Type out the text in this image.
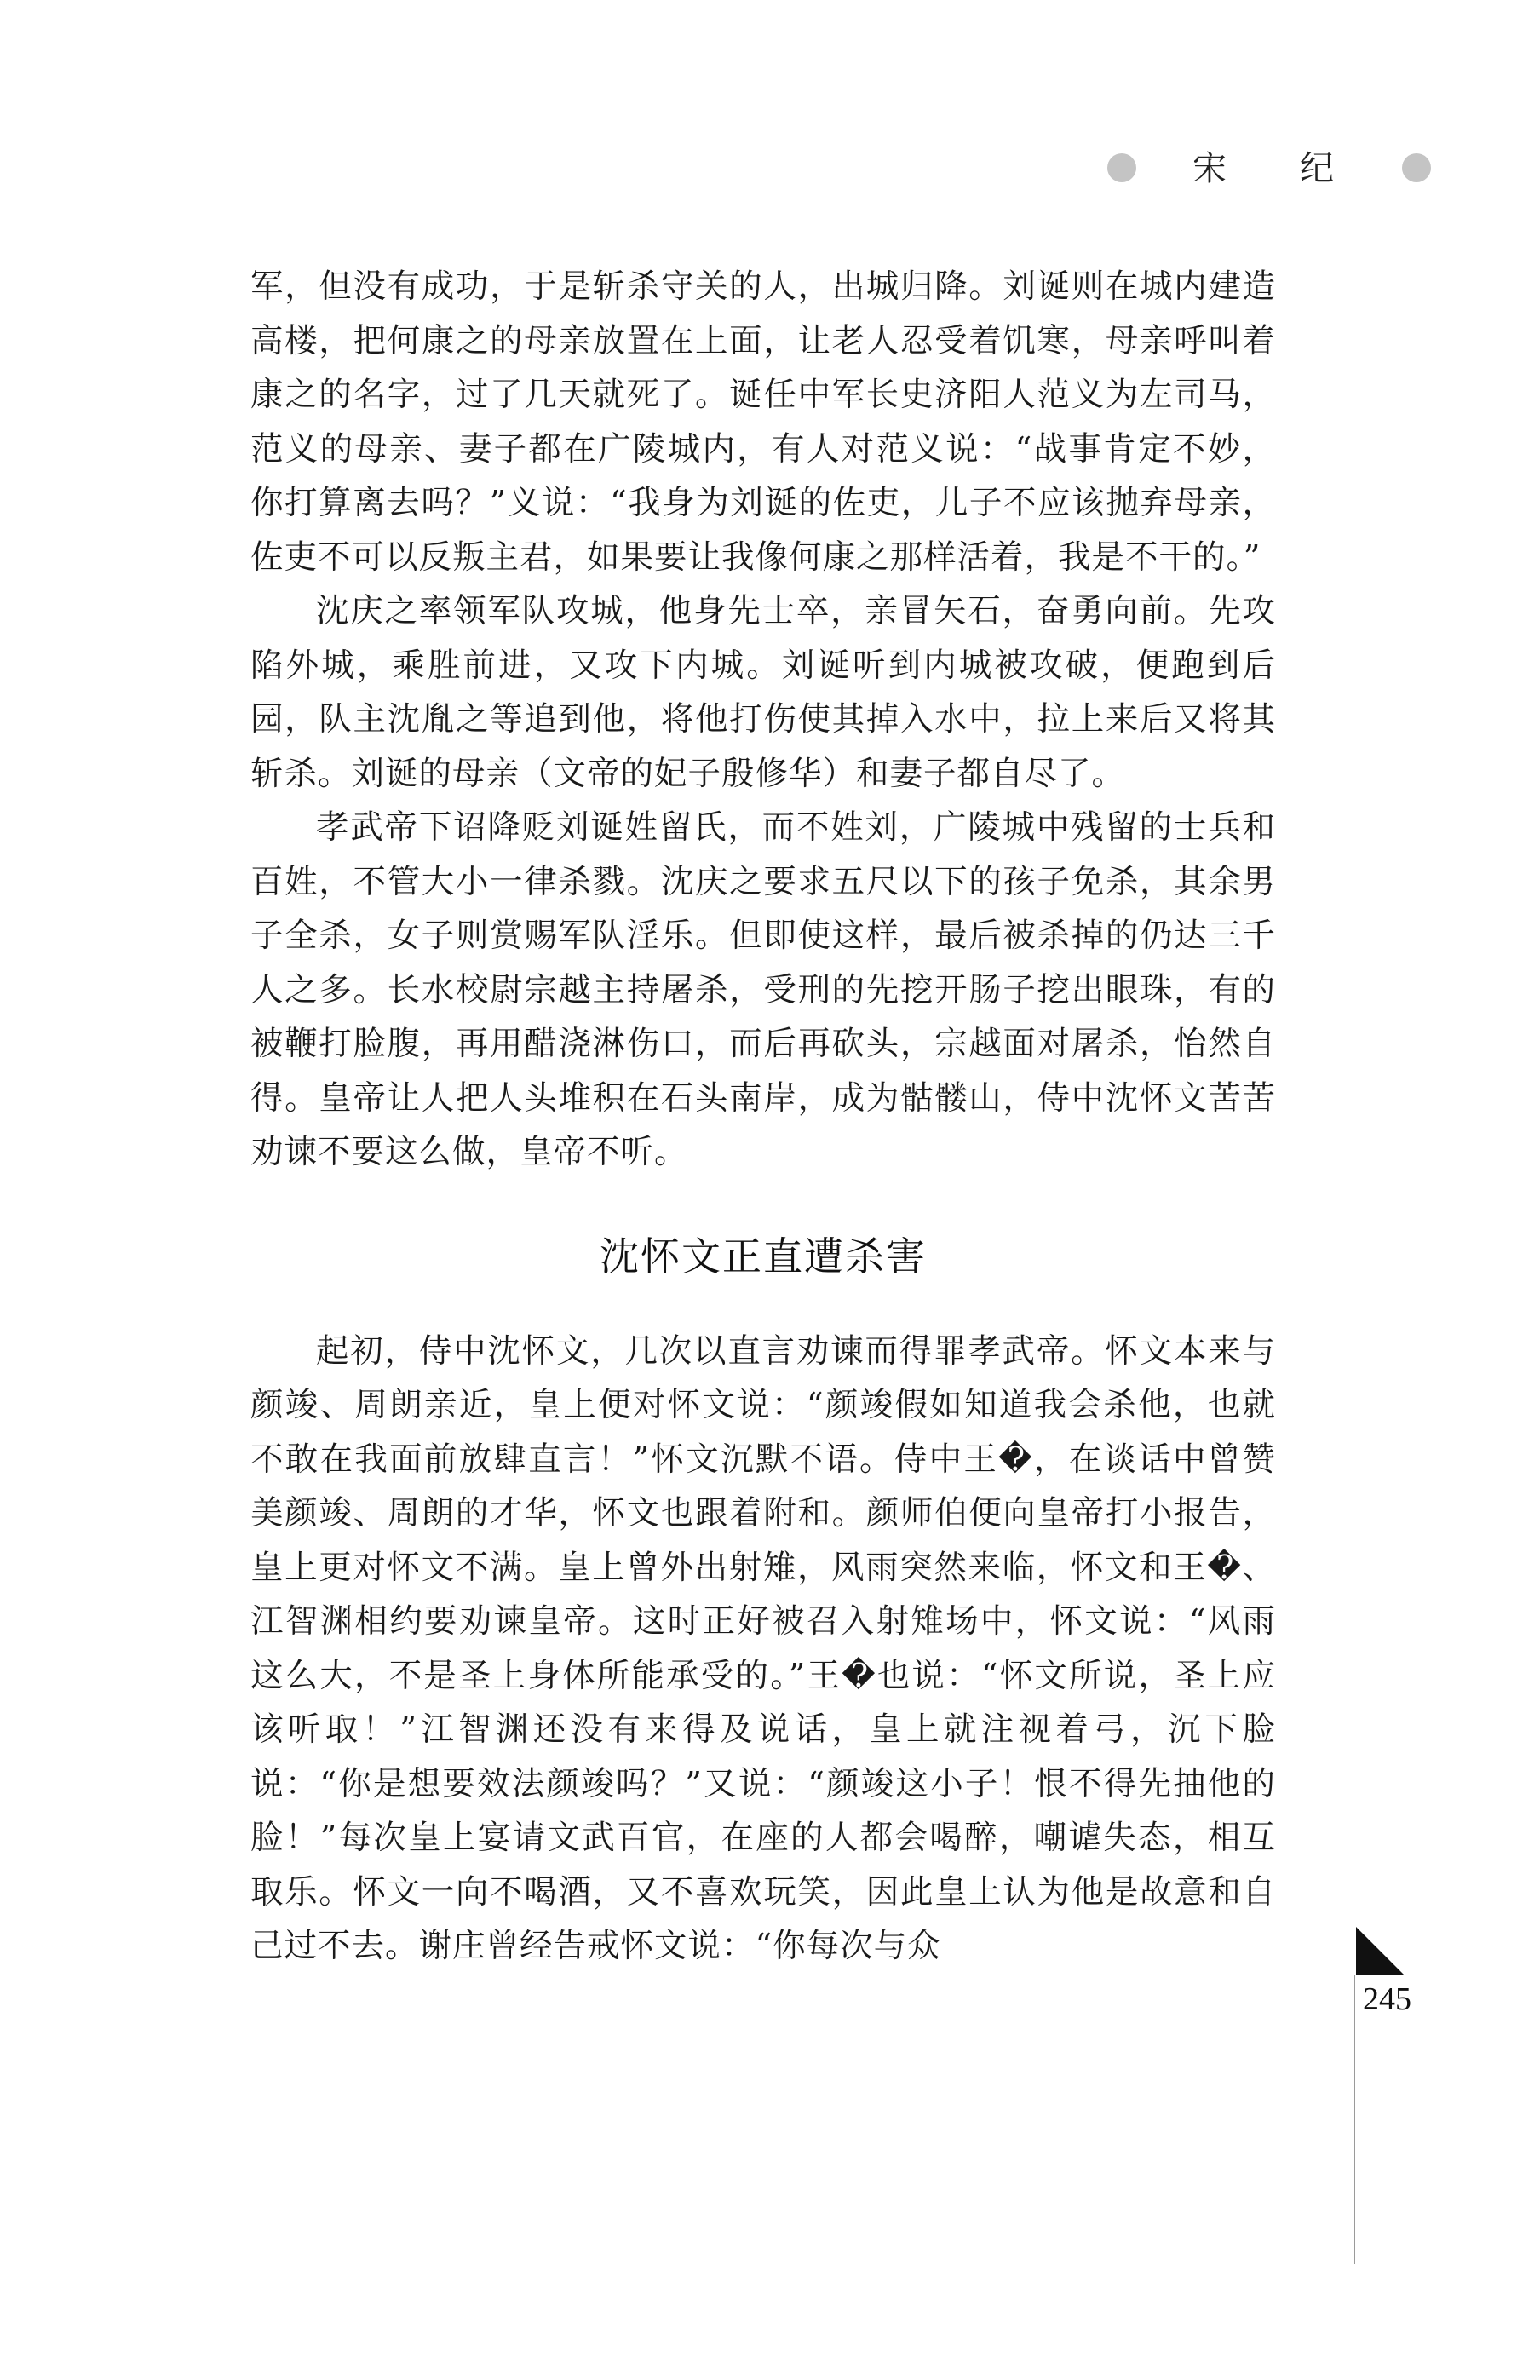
宋 纪

军，但没有成功，于是斩杀守关的人，出城归降。刘诞则在城内建造高楼，把何康之的母亲放置在上面，让老人忍受着饥寒，母亲呼叫着康之的名字，过了几天就死了。诞任中军长史济阳人范义为左司马，范义的母亲、妻子都在广陵城内，有人对范义说：“战事肯定不妙，你打算离去吗？”义说：“我身为刘诞的佐吏，儿子不应该抛弃母亲，佐吏不可以反叛主君，如果要让我像何康之那样活着，我是不干的。”

沈庆之率领军队攻城，他身先士卒，亲冒矢石，奋勇向前。先攻陷外城，乘胜前进，又攻下内城。刘诞听到内城被攻破，便跑到后园，队主沈胤之等追到他，将他打伤使其掉入水中，拉上来后又将其斩杀。刘诞的母亲（文帝的妃子殷修华）和妻子都自尽了。

孝武帝下诏降贬刘诞姓留氏，而不姓刘，广陵城中残留的士兵和百姓，不管大小一律杀戮。沈庆之要求五尺以下的孩子免杀，其余男子全杀，女子则赏赐军队淫乐。但即使这样，最后被杀掉的仍达三千人之多。长水校尉宗越主持屠杀，受刑的先挖开肠子挖出眼珠，有的被鞭打脸腹，再用醋浇淋伤口，而后再砍头，宗越面对屠杀，怡然自得。皇帝让人把人头堆积在石头南岸，成为骷髅山，侍中沈怀文苦苦劝谏不要这么做，皇帝不听。

沈怀文正直遭杀害

起初，侍中沈怀文，几次以直言劝谏而得罪孝武帝。怀文本来与颜竣、周朗亲近，皇上便对怀文说：“颜竣假如知道我会杀他，也就不敢在我面前放肆直言！”怀文沉默不语。侍中王�，在谈话中曾赞美颜竣、周朗的才华，怀文也跟着附和。颜师伯便向皇帝打小报告，皇上更对怀文不满。皇上曾外出射雉，风雨突然来临，怀文和王�、江智渊相约要劝谏皇帝。这时正好被召入射雉场中，怀文说：“风雨这么大，不是圣上身体所能承受的。”王�也说：“怀文所说，圣上应该听取！”江智渊还没有来得及说话，皇上就注视着弓，沉下脸说：“你是想要效法颜竣吗？”又说：“颜竣这小子！恨不得先抽他的脸！”每次皇上宴请文武百官，在座的人都会喝醉，嘲谑失态，相互取乐。怀文一向不喝酒，又不喜欢玩笑，因此皇上认为他是故意和自己过不去。谢庄曾经告戒怀文说：“你每次与众

245
